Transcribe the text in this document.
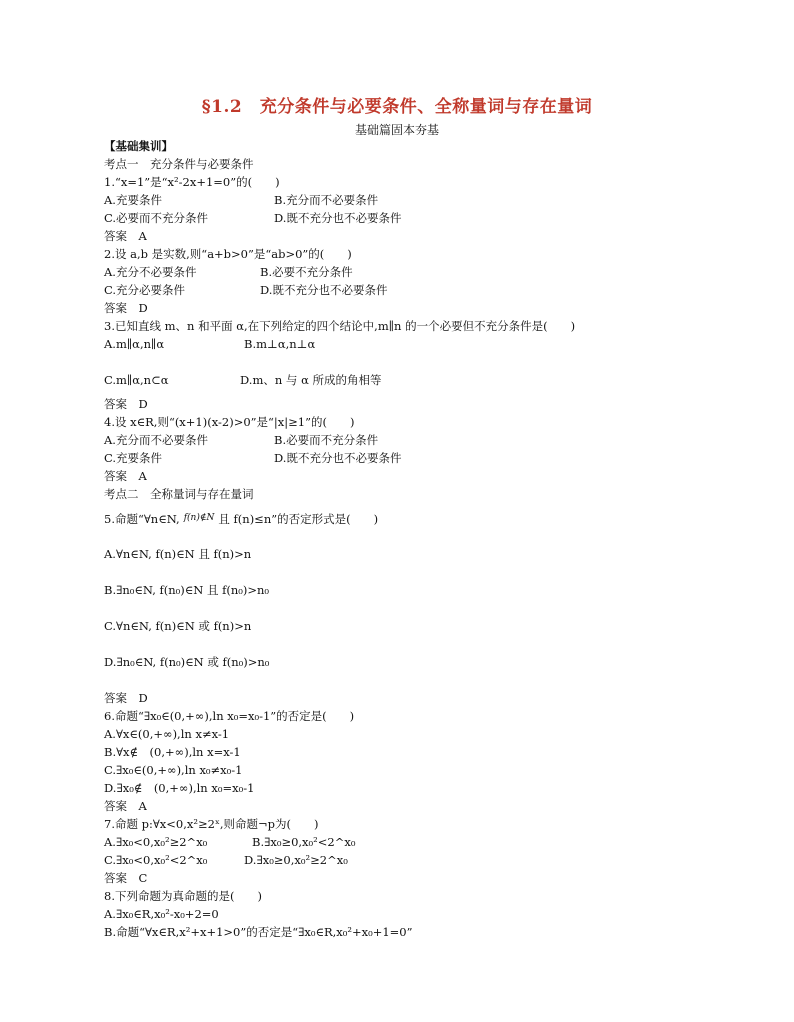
§1.2　充分条件与必要条件、全称量词与存在量词
基础篇固本夯基
【基础集训】
考点一　充分条件与必要条件
1.“x=1”是“x²-2x+1=0”的(　　)
A.充要条件	B.充分而不必要条件
C.必要而不充分条件	D.既不充分也不必要条件
答案　A
2.设 a,b 是实数,则“a+b>0”是“ab>0”的(　　)
A.充分不必要条件	B.必要不充分条件
C.充分必要条件	D.既不充分也不必要条件
答案　D
3.已知直线 m、n 和平面 α,在下列给定的四个结论中,m∥n 的一个必要但不充分条件是(　　)
A.m∥α,n∥α	B.m⊥α,n⊥α
C.m∥α,n⊂α	D.m、n 与 α 所成的角相等
答案　D
4.设 x∈R,则“(x+1)(x-2)>0”是“|x|≥1”的(　　)
A.充分而不必要条件	B.必要而不充分条件
C.充要条件	D.既不充分也不必要条件
答案　A
考点二　全称量词与存在量词
5.命题“∀n∈N, f(n)∉N 且 f(n)≤n”的否定形式是(　　)
A.∀n∈N, f(n)∈N 且 f(n)>n
B.∃n₀∈N, f(n₀)∈N 且 f(n₀)>n₀
C.∀n∈N, f(n)∈N 或 f(n)>n
D.∃n₀∈N, f(n₀)∈N 或 f(n₀)>n₀
答案　D
6.命题“∃x₀∈(0,+∞),ln x₀=x₀-1”的否定是(　　)
A.∀x∈(0,+∞),ln x≠x-1
B.∀x∉　(0,+∞),ln x=x-1
C.∃x₀∈(0,+∞),ln x₀≠x₀-1
D.∃x₀∉　(0,+∞),ln x₀=x₀-1
答案　A
7.命题 p:∀x<0,x²≥2ˣ,则命题¬p为(　　)
A.∃x₀<0,x₀²≥2^x₀	B.∃x₀≥0,x₀²<2^x₀
C.∃x₀<0,x₀²<2^x₀	D.∃x₀≥0,x₀²≥2^x₀
答案　C
8.下列命题为真命题的是(　　)
A.∃x₀∈R,x₀²-x₀+2=0
B.命题“∀x∈R,x²+x+1>0”的否定是“∃x₀∈R,x₀²+x₀+1=0”
